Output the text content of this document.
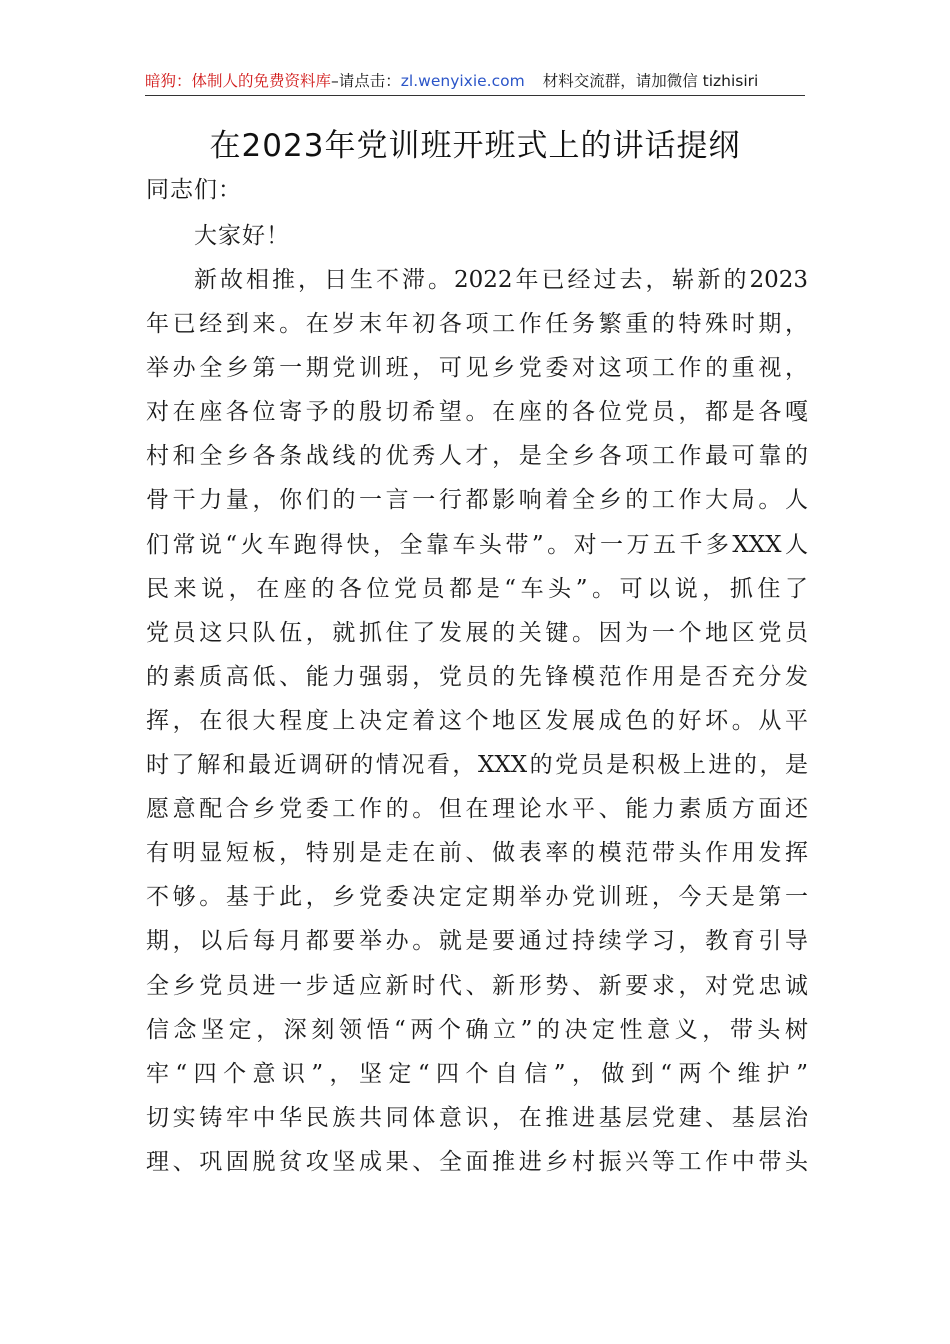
暗狗：体制人的免费资料库–请点击：zl.wenyixie.com 材料交流群，请加微信 tizhisiri
在2023年党训班开班式上的讲话提纲
同志们：
大家好！
新故相推，日生不滞。2022年已经过去，崭新的2023
年已经到来。在岁末年初各项工作任务繁重的特殊时期，
举办全乡第一期党训班，可见乡党委对这项工作的重视，
对在座各位寄予的殷切希望。在座的各位党员，都是各嘎
村和全乡各条战线的优秀人才，是全乡各项工作最可靠的
骨干力量，你们的一言一行都影响着全乡的工作大局。人
们常说“火车跑得快，全靠车头带”。对一万五千多XXX人
民来说，在座的各位党员都是“车头”。可以说，抓住了
党员这只队伍，就抓住了发展的关键。因为一个地区党员
的素质高低、能力强弱，党员的先锋模范作用是否充分发
挥，在很大程度上决定着这个地区发展成色的好坏。从平
时了解和最近调研的情况看，XXX的党员是积极上进的，是
愿意配合乡党委工作的。但在理论水平、能力素质方面还
有明显短板，特别是走在前、做表率的模范带头作用发挥
不够。基于此，乡党委决定定期举办党训班，今天是第一
期，以后每月都要举办。就是要通过持续学习，教育引导
全乡党员进一步适应新时代、新形势、新要求，对党忠诚
信念坚定，深刻领悟“两个确立”的决定性意义，带头树
牢“四个意识”，坚定“四个自信”，做到“两个维护”
切实铸牢中华民族共同体意识，在推进基层党建、基层治
理、巩固脱贫攻坚成果、全面推进乡村振兴等工作中带头
